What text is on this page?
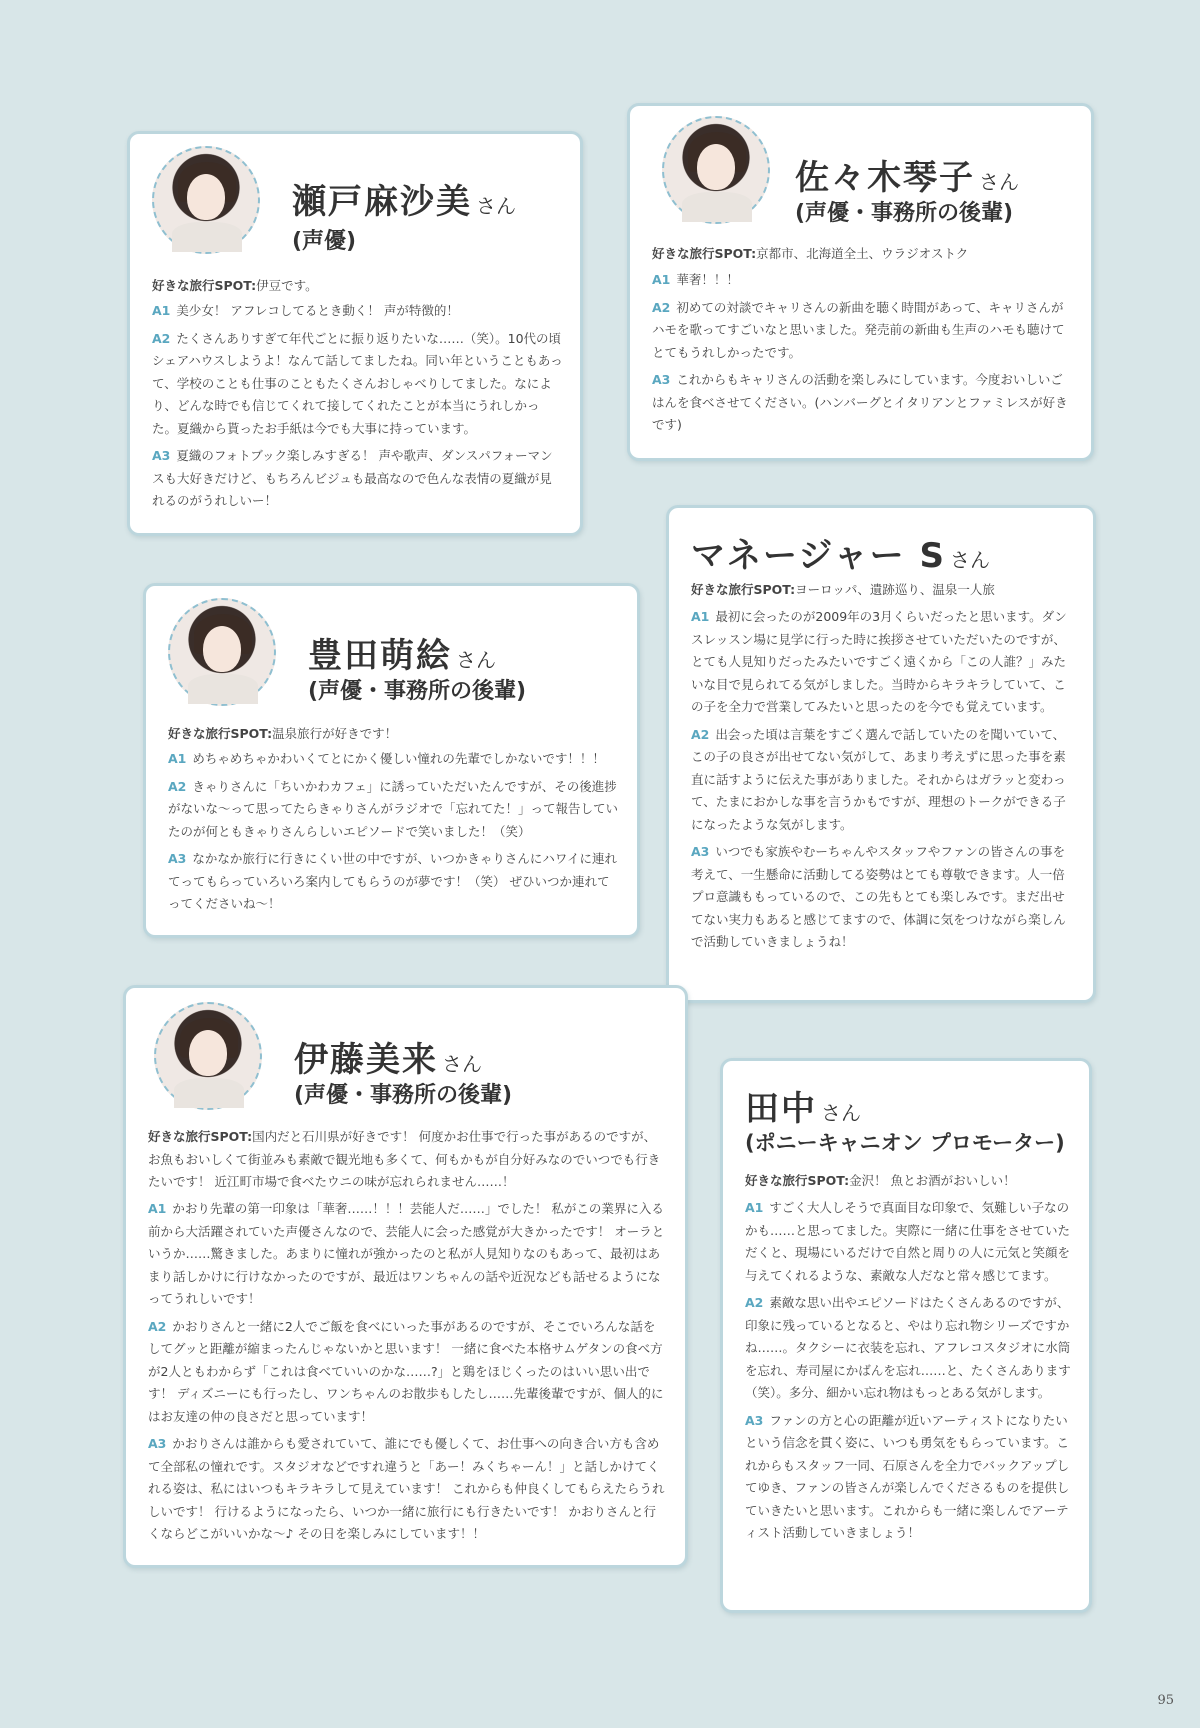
瀬戸麻沙美 さん
(声優)
好きな旅行SPOT:伊豆です。

A1 美少女！ アフレコしてるとき動く！ 声が特徴的！

A2 たくさんありすぎて年代ごとに振り返りたいな……（笑）。10代の頃シェアハウスしようよ！なんて話してましたね。同い年ということもあって、学校のことも仕事のこともたくさんおしゃべりしてました。なにより、どんな時でも信じてくれて接してくれたことが本当にうれしかった。夏織から貰ったお手紙は今でも大事に持っています。

A3 夏織のフォトブック楽しみすぎる！ 声や歌声、ダンスパフォーマンスも大好きだけど、もちろんビジュも最高なので色んな表情の夏織が見れるのがうれしいー！

佐々木琴子 さん
(声優・事務所の後輩)
好きな旅行SPOT:京都市、北海道全土、ウラジオストク

A1 華奢！！！

A2 初めての対談でキャリさんの新曲を聴く時間があって、キャリさんがハモを歌ってすごいなと思いました。発売前の新曲も生声のハモも聴けてとてもうれしかったです。

A3 これからもキャリさんの活動を楽しみにしています。今度おいしいごはんを食べさせてください。(ハンバーグとイタリアンとファミレスが好きです)

マネージャー S さん
好きな旅行SPOT:ヨーロッパ、遺跡巡り、温泉一人旅

A1 最初に会ったのが2009年の3月くらいだったと思います。ダンスレッスン場に見学に行った時に挨拶させていただいたのですが、とても人見知りだったみたいですごく遠くから「この人誰？」みたいな目で見られてる気がしました。当時からキラキラしていて、この子を全力で営業してみたいと思ったのを今でも覚えています。

A2 出会った頃は言葉をすごく選んで話していたのを聞いていて、この子の良さが出せてない気がして、あまり考えずに思った事を素直に話すように伝えた事がありました。それからはガラッと変わって、たまにおかしな事を言うかもですが、理想のトークができる子になったような気がします。

A3 いつでも家族やむーちゃんやスタッフやファンの皆さんの事を考えて、一生懸命に活動してる姿勢はとても尊敬できます。人一倍プロ意識ももっているので、この先もとても楽しみです。まだ出せてない実力もあると感じてますので、体調に気をつけながら楽しんで活動していきましょうね！

豊田萌絵 さん
(声優・事務所の後輩)
好きな旅行SPOT:温泉旅行が好きです！

A1 めちゃめちゃかわいくてとにかく優しい憧れの先輩でしかないです！！！

A2 きゃりさんに「ちいかわカフェ」に誘っていただいたんですが、その後進捗がないな〜って思ってたらきゃりさんがラジオで「忘れてた！」って報告していたのが何ともきゃりさんらしいエピソードで笑いました！（笑）

A3 なかなか旅行に行きにくい世の中ですが、いつかきゃりさんにハワイに連れてってもらっていろいろ案内してもらうのが夢です！（笑） ぜひいつか連れてってくださいね〜！

伊藤美来 さん
(声優・事務所の後輩)
好きな旅行SPOT:国内だと石川県が好きです！ 何度かお仕事で行った事があるのですが、お魚もおいしくて街並みも素敵で観光地も多くて、何もかもが自分好みなのでいつでも行きたいです！ 近江町市場で食べたウニの味が忘れられません……！

A1 かおり先輩の第一印象は「華奢……！！！芸能人だ……」でした！ 私がこの業界に入る前から大活躍されていた声優さんなので、芸能人に会った感覚が大きかったです！ オーラというか……驚きました。あまりに憧れが強かったのと私が人見知りなのもあって、最初はあまり話しかけに行けなかったのですが、最近はワンちゃんの話や近況なども話せるようになってうれしいです！

A2 かおりさんと一緒に2人でご飯を食べにいった事があるのですが、そこでいろんな話をしてグッと距離が縮まったんじゃないかと思います！ 一緒に食べた本格サムゲタンの食べ方が2人ともわからず「これは食べていいのかな……?」と鶏をほじくったのはいい思い出です！ ディズニーにも行ったし、ワンちゃんのお散歩もしたし……先輩後輩ですが、個人的にはお友達の仲の良さだと思っています！

A3 かおりさんは誰からも愛されていて、誰にでも優しくて、お仕事への向き合い方も含めて全部私の憧れです。スタジオなどですれ違うと「あー！みくちゃーん！」と話しかけてくれる姿は、私にはいつもキラキラして見えています！ これからも仲良くしてもらえたらうれしいです！ 行けるようになったら、いつか一緒に旅行にも行きたいです！ かおりさんと行くならどこがいいかな〜♪ その日を楽しみにしています！！

田中 さん
(ポニーキャニオン プロモーター)
好きな旅行SPOT:金沢！ 魚とお酒がおいしい！

A1 すごく大人しそうで真面目な印象で、気難しい子なのかも……と思ってました。実際に一緒に仕事をさせていただくと、現場にいるだけで自然と周りの人に元気と笑顔を与えてくれるような、素敵な人だなと常々感じてます。

A2 素敵な思い出やエピソードはたくさんあるのですが、印象に残っているとなると、やはり忘れ物シリーズですかね……。タクシーに衣装を忘れ、アフレコスタジオに水筒を忘れ、寿司屋にかばんを忘れ……と、たくさんあります（笑）。多分、細かい忘れ物はもっとある気がします。

A3 ファンの方と心の距離が近いアーティストになりたいという信念を貫く姿に、いつも勇気をもらっています。これからもスタッフ一同、石原さんを全力でバックアップしてゆき、ファンの皆さんが楽しんでくださるものを提供していきたいと思います。これからも一緒に楽しんでアーティスト活動していきましょう！

95
